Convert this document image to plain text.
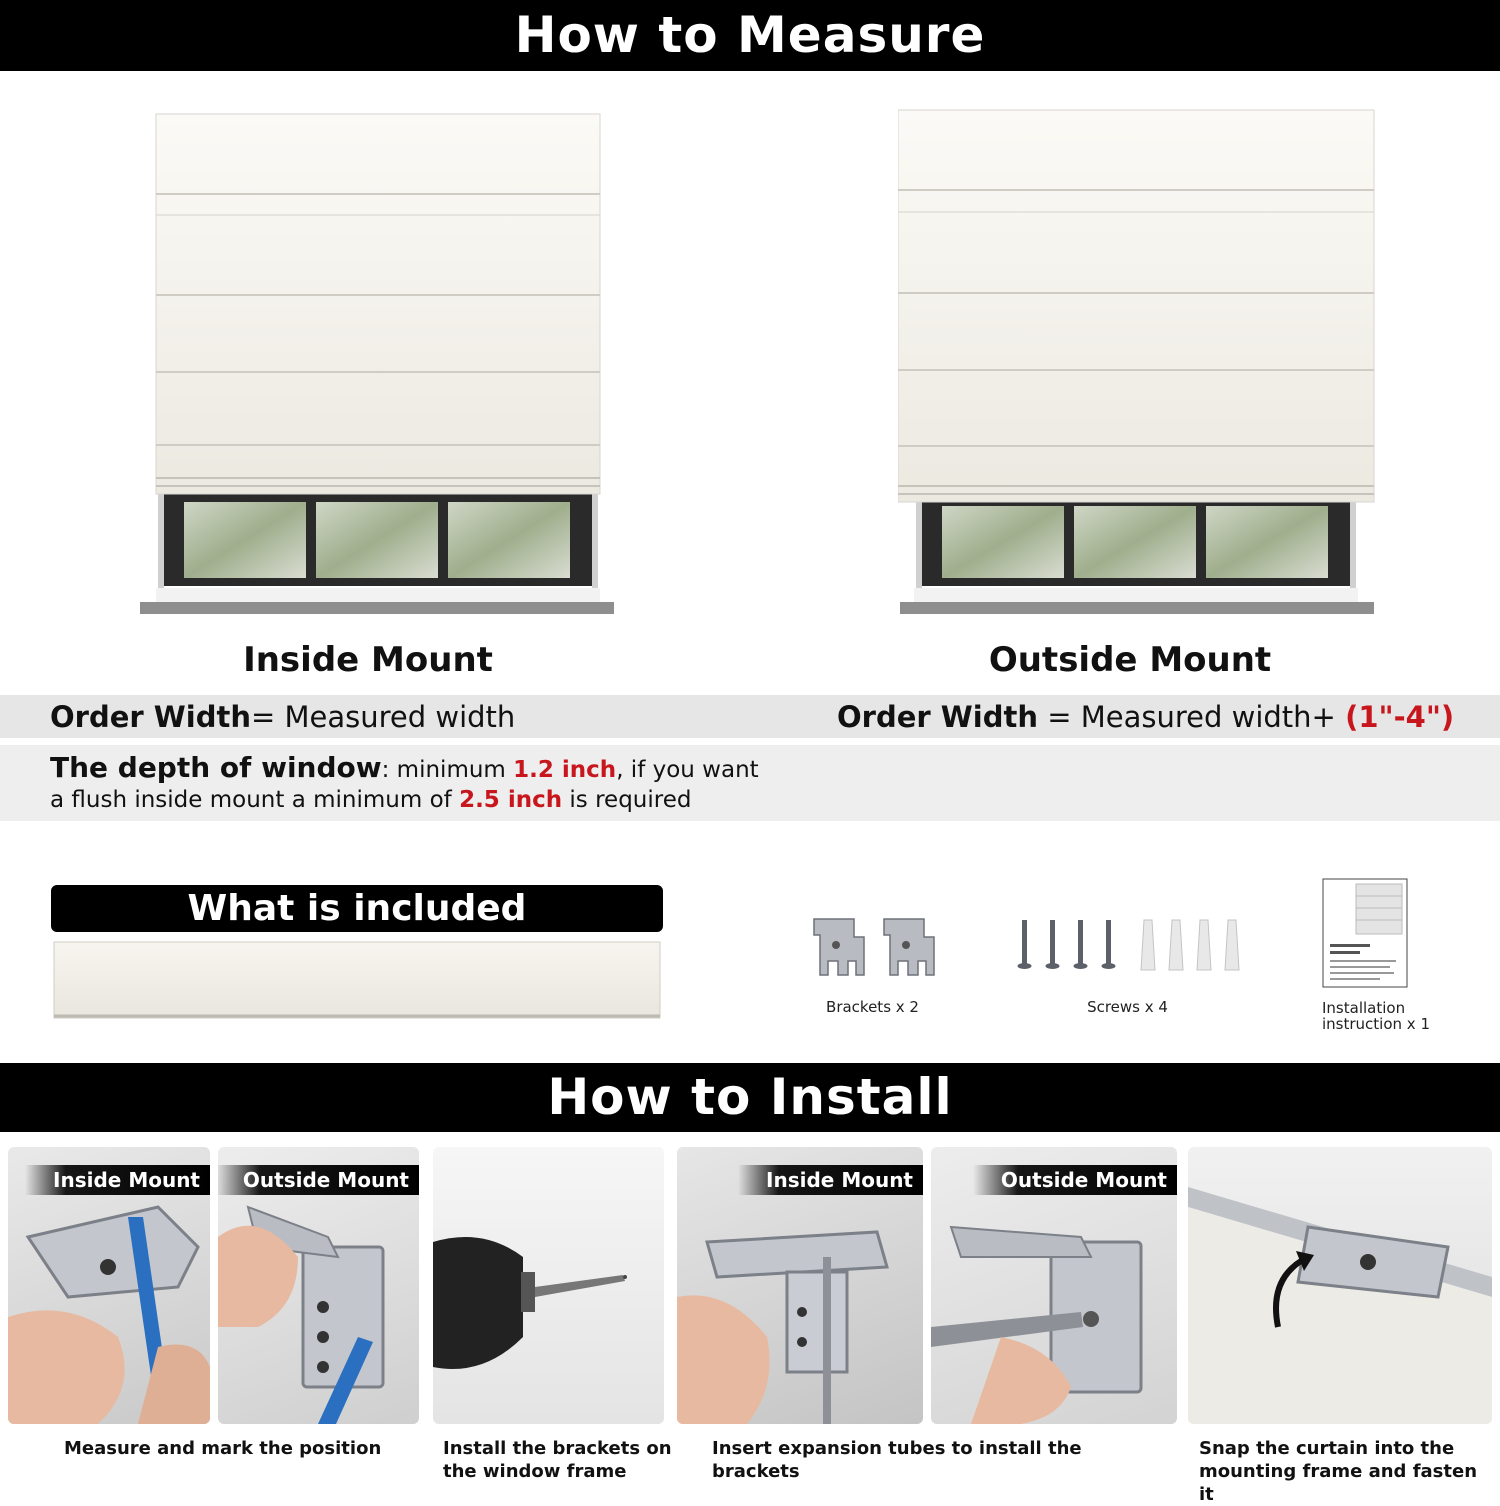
How to Measure
Inside Mount	Outside Mount
Order Width= Measured width	Order Width = Measured width+ (1"-4")
The depth of window: minimum 1.2 inch, if you want
a flush inside mount a minimum of 2.5 inch is required
What is included
Brackets x 2	Screws x 4	Installation
instruction x 1
How to Install
Inside Mount	Outside Mount	Inside Mount	Outside Mount
Measure and mark the position	Install the brackets on
the window frame
Insert expansion tubes to install the brackets
Snap the curtain into the
mounting frame and fasten it
